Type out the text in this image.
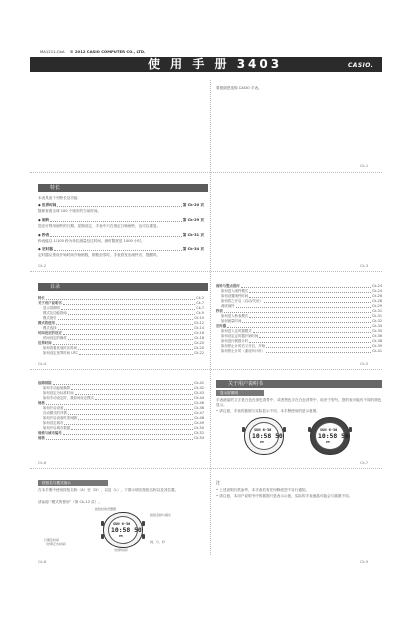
MA1211-CbA © 2012 CASIO COMPUTER CO., LTD.
使 用 手 册 3403	CASIO.
要感谢您选购 CASIO 手表。
Ck-1
特长
本表具备下列特长及功能：
◆ 世界时间	第 Ck-20 页
随即查看全球 100 个城市的当前时间。
◆ 闹铃	第 Ck-29 页
您还可利用闹铃的日期、星期设定，手表中只在指定日响闹铃，也可以重复。
◆ 秒表	第 Ck-31 页
秒表能以 1/100 秒为单位测量经过时间，测时限度是 1000 小时。
◆ 定时器	第 Ck-34 页
定时器从预设开始时间开始倒数，倒数至零时，手表将发出闹铃音，提醒时。
Ck-2	Ck-3
目录
特长	Ck-2
关于用户说明书	Ck-7
显示屏照明	Ck-7
模式及功能指南	Ck-9
模式指引	Ck-10
模式的使用	Ck-12
模式选择	Ck-14
时间设定的设定	Ck-16
时间设定的操作	Ck-18
世界时间	Ck-20
如何查看其他时区时间	Ck-20
如何设定世界时间 UTC	Ck-22
闹铃与整点报时	Ck-24
如何进入闹铃模式	Ck-24
如何设置闹铃时间	Ck-26
如何将之开启（启动/关闭）	Ck-28
测试闹铃	Ck-29
秒表	Ck-31
如何进入秒表模式	Ck-31
如何测量时间	Ck-32
定时器	Ck-34
如何进入定时器模式	Ck-35
如何设定定时器开始时间	Ck-36
如何进行倒数计时	Ck-38
如何停止计时后又开启，开始	Ck-39
如何停止计时（重设所计时）	Ck-41
Ck-4	Ck-5
故障排除	Ck-42
如何手动起始换算	Ck-42
如何设定为标准时间	Ck-43
如何手动设定时，我如何设定模式	Ck-44
规格	Ck-46
如何开启设备	Ck-46
自动模式的详情	Ck-47
如何开启设备时差间隔	Ck-48
如何设定城市	Ck-49
如何开启城市数据	Ck-50
规格与城市编号	Ck-52
规格	Ck-54
关于用户说明书
显示屏照明
手表液晶的文字是白色在深色背景中，或者黑色字在白色背景中，取决于型号。您的表可能有不同的颜色显示。
• 请注意，手表的插图与实际显示不同，本手册使用的是示意图。
SUN 6-30
10:58 50
PM
SUN 6-30
10:58 50
PM
Ck-6	Ck-7
按钮名与模式指示
在本手册中使用按钮名称（A）至（D），以及（L），下图示明各按钮名称以及其位置。
请参阅 "模式的使用"（第 Ck-12 页）。
按钮时的设置图
按钮名称与模式
日期及时间
（世界正式时间）	闹、分、秒
（世界时间）
SUN 6-30
10:58 50
PM
注
• 上述说明仅供参考，本手表若有任何修改恕不另行通知。
• 请注意，本用户说明书中的插图只是表示示意，实际的手表液晶可能会与插图不同。
Ck-8	Ck-9
